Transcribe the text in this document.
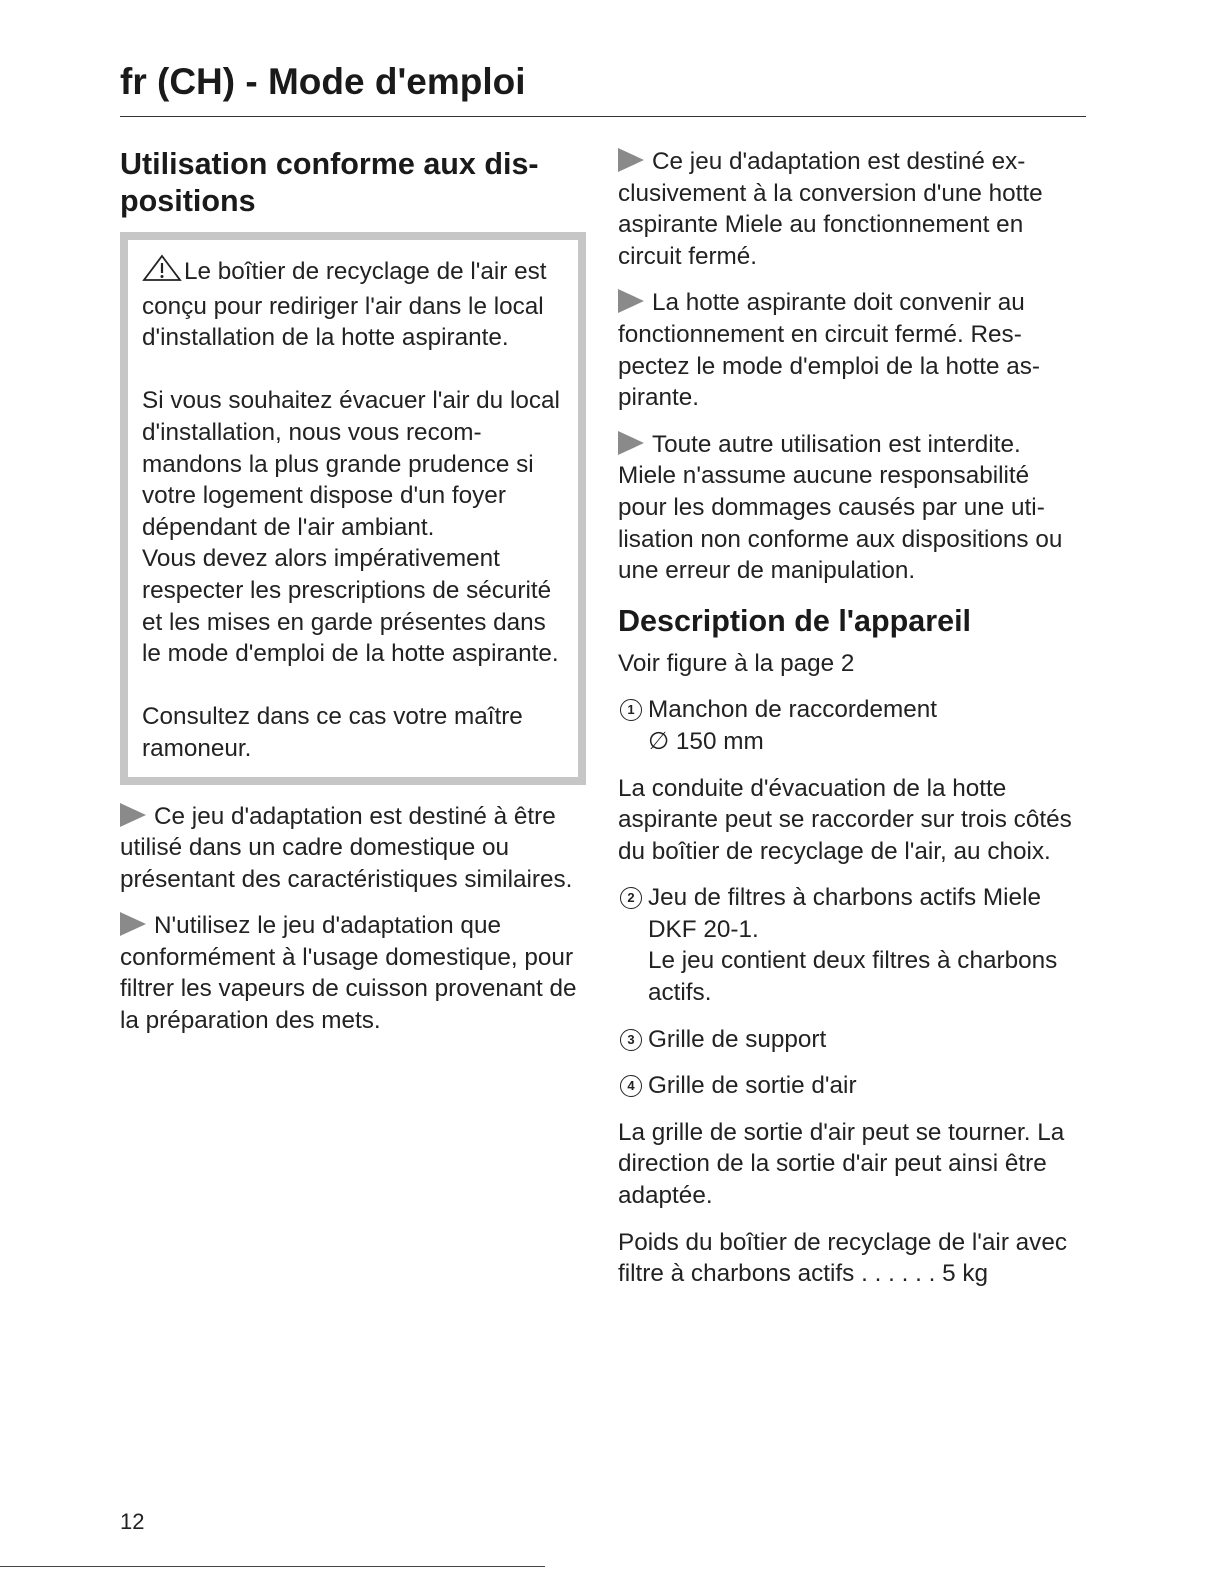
fr (CH) - Mode d'emploi
Utilisation conforme aux dis-
positions

Le boîtier de recyclage de l'air est conçu pour rediriger l'air dans le local d'installation de la hotte aspirante.

Si vous souhaitez évacuer l'air du local d'installation, nous vous recommandons la plus grande prudence si votre logement dispose d'un foyer dépendant de l'air ambiant.

Vous devez alors impérativement respecter les prescriptions de sécurité et les mises en garde présentes dans le mode d'emploi de la hotte aspirante.

Consultez dans ce cas votre maître ramoneur.

Ce jeu d'adaptation est destiné à être utilisé dans un cadre domestique ou présentant des caractéristiques similaires.

N'utilisez le jeu d'adaptation que conformément à l'usage domestique, pour filtrer les vapeurs de cuisson provenant de la préparation des mets.

Ce jeu d'adaptation est destiné exclusivement à la conversion d'une hotte aspirante Miele au fonctionnement en circuit fermé.

La hotte aspirante doit convenir au fonctionnement en circuit fermé. Respectez le mode d'emploi de la hotte aspirante.

Toute autre utilisation est interdite. Miele n'assume aucune responsabilité pour les dommages causés par une utilisation non conforme aux dispositions ou une erreur de manipulation.

Description de l'appareil

Voir figure à la page 2

1 Manchon de raccordement
∅ 150 mm

La conduite d'évacuation de la hotte aspirante peut se raccorder sur trois côtés du boîtier de recyclage de l'air, au choix.

2 Jeu de filtres à charbons actifs Miele DKF 20-1.
Le jeu contient deux filtres à charbons actifs.
3 Grille de support
4 Grille de sortie d'air

La grille de sortie d'air peut se tourner. La direction de la sortie d'air peut ainsi être adaptée.

Poids du boîtier de recyclage de l'air avec filtre à charbons actifs . . . . . . 5 kg

12
